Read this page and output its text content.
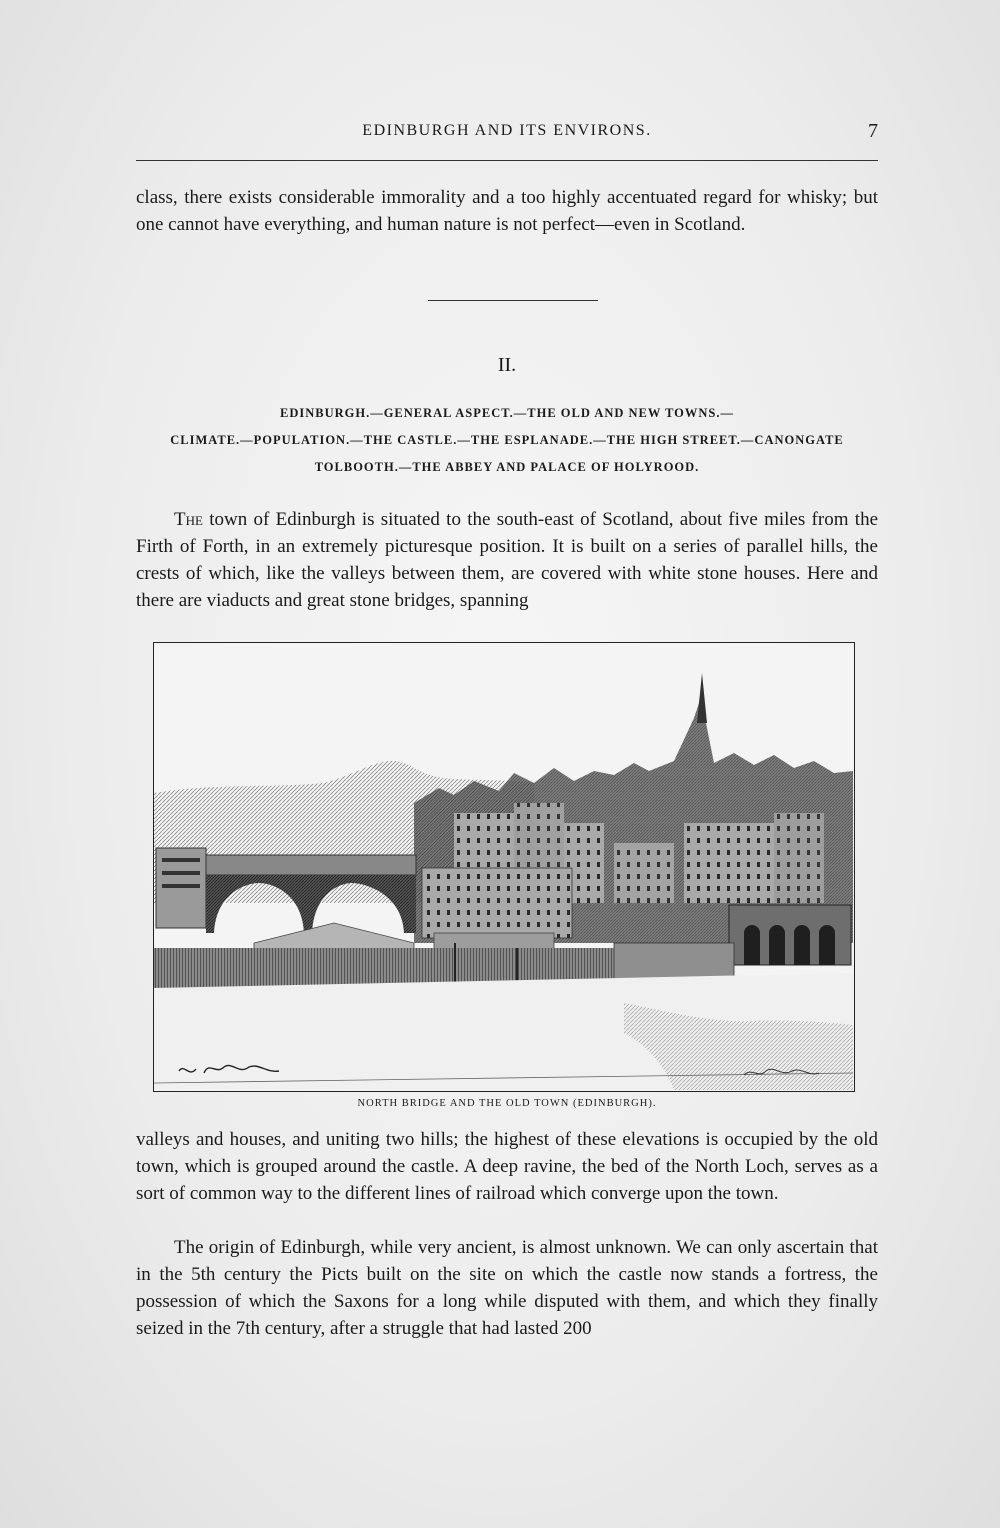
EDINBURGH AND ITS ENVIRONS.	7

class, there exists considerable immorality and a too highly accentuated regard for whisky; but one cannot have everything, and human nature is not perfect—even in Scotland.

II.
EDINBURGH.—GENERAL ASPECT.—THE OLD AND NEW TOWNS.—
CLIMATE.—POPULATION.—THE CASTLE.—THE ESPLANADE.—THE HIGH STREET.—CANONGATE
TOLBOOTH.—THE ABBEY AND PALACE OF HOLYROOD.

The town of Edinburgh is situated to the south-east of Scotland, about five miles from the Firth of Forth, in an extremely picturesque position. It is built on a series of parallel hills, the crests of which, like the valleys between them, are covered with white stone houses. Here and there are viaducts and great stone bridges, spanning

NORTH BRIDGE AND THE OLD TOWN (EDINBURGH).

valleys and houses, and uniting two hills; the highest of these elevations is occupied by the old town, which is grouped around the castle. A deep ravine, the bed of the North Loch, serves as a sort of common way to the different lines of railroad which converge upon the town.

The origin of Edinburgh, while very ancient, is almost unknown. We can only ascertain that in the 5th century the Picts built on the site on which the castle now stands a fortress, the possession of which the Saxons for a long while disputed with them, and which they finally seized in the 7th century, after a struggle that had lasted 200
